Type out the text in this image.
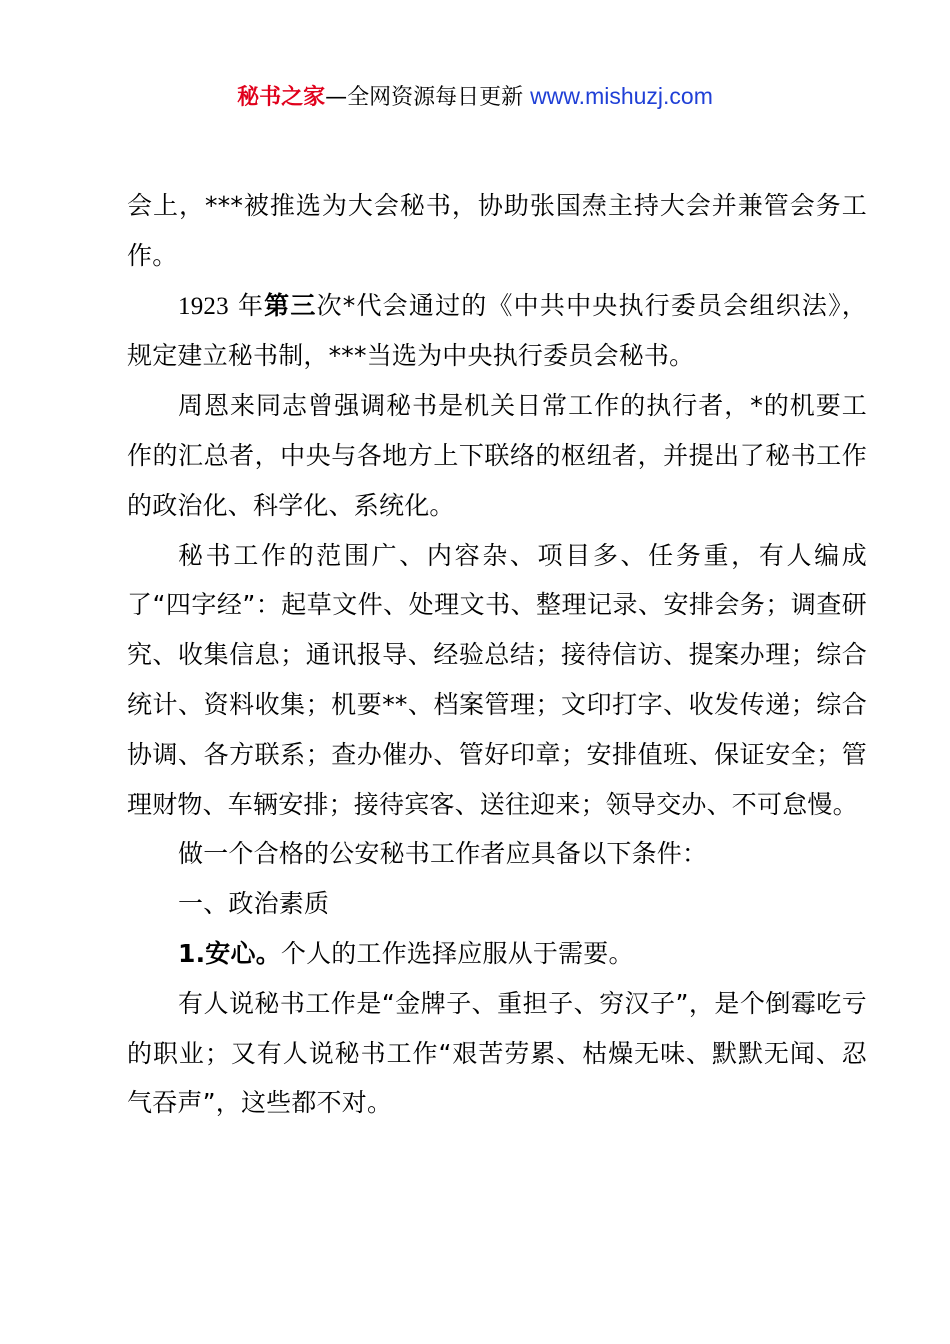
秘书之家—全网资源每日更新 www.mishuzj.com

会上，***被推选为大会秘书，协助张国焘主持大会并兼管会务工作。

1923 年第三次*代会通过的《中共中央执行委员会组织法》，规定建立秘书制，***当选为中央执行委员会秘书。

周恩来同志曾强调秘书是机关日常工作的执行者，*的机要工作的汇总者，中央与各地方上下联络的枢纽者，并提出了秘书工作的政治化、科学化、系统化。

秘书工作的范围广、内容杂、项目多、任务重，有人编成了“四字经”：起草文件、处理文书、整理记录、安排会务；调查研究、收集信息；通讯报导、经验总结；接待信访、提案办理；综合统计、资料收集；机要**、档案管理；文印打字、收发传递；综合协调、各方联系；查办催办、管好印章；安排值班、保证安全；管理财物、车辆安排；接待宾客、送往迎来；领导交办、不可怠慢。

做一个合格的公安秘书工作者应具备以下条件：

一、政治素质

1.安心。个人的工作选择应服从于需要。

有人说秘书工作是“金牌子、重担子、穷汉子”，是个倒霉吃亏的职业；又有人说秘书工作“艰苦劳累、枯燥无味、默默无闻、忍气吞声”，这些都不对。
